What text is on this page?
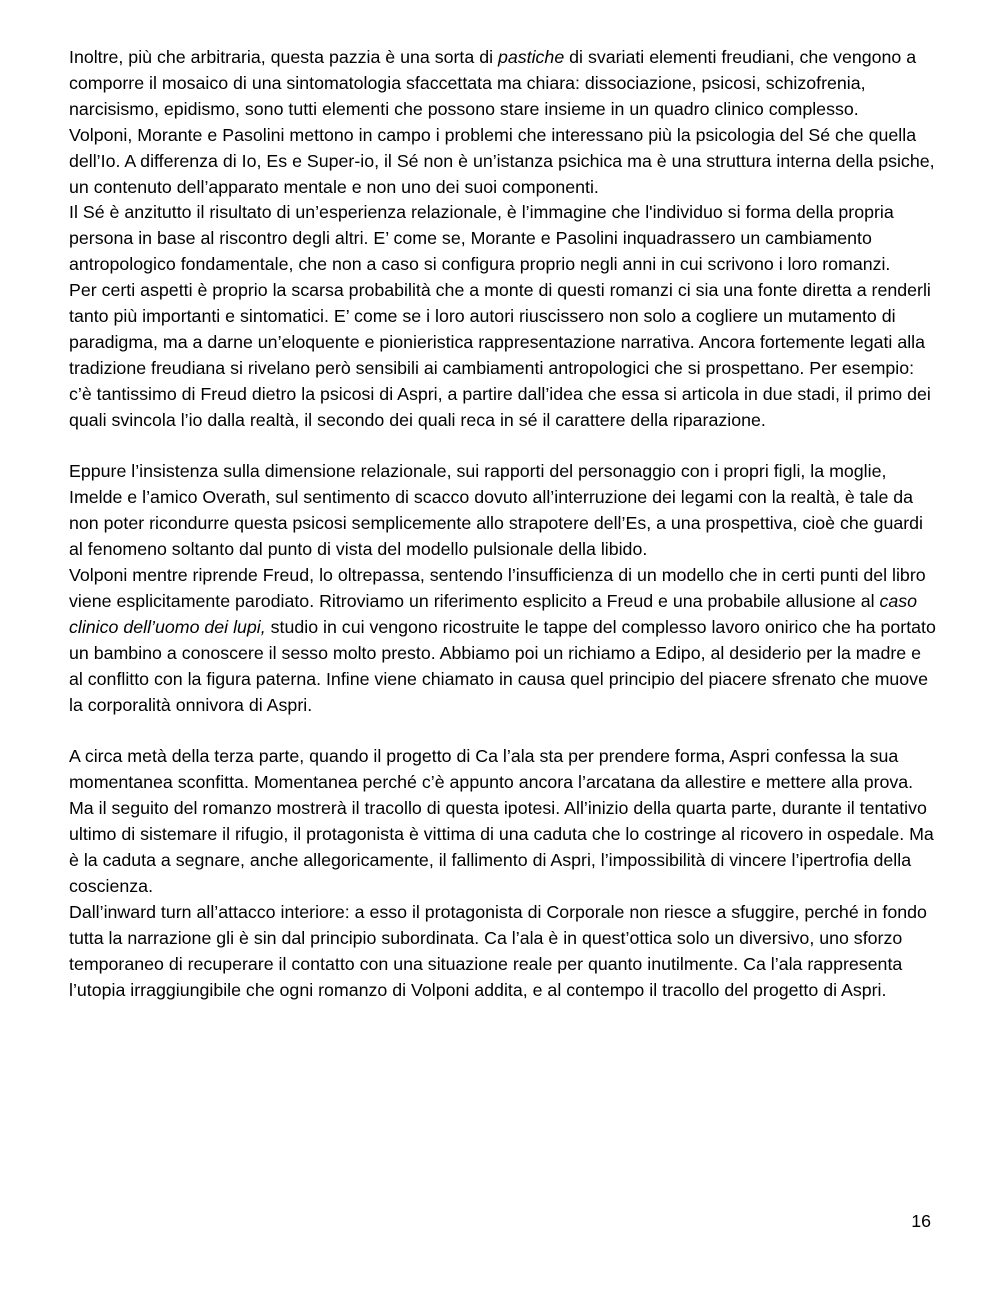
Inoltre, più che arbitraria, questa pazzia è una sorta di pastiche di svariati elementi freudiani, che vengono a comporre il mosaico di una sintomatologia sfaccettata ma chiara: dissociazione, psicosi, schizofrenia, narcisismo, epidismo, sono tutti elementi che possono stare insieme in un quadro clinico complesso.

Volponi, Morante e Pasolini mettono in campo i problemi che interessano più la psicologia del Sé che quella dell’Io. A differenza di Io, Es e Super-io, il Sé non è un’istanza psichica ma è una struttura interna della psiche, un contenuto dell’apparato mentale e non uno dei suoi componenti.

Il Sé è anzitutto il risultato di un’esperienza relazionale, è l’immagine che l'individuo si forma della propria persona in base al riscontro degli altri. E’ come se, Morante e Pasolini inquadrassero un cambiamento antropologico fondamentale, che non a caso si configura proprio negli anni in cui scrivono i loro romanzi.

Per certi aspetti è proprio la scarsa probabilità che a monte di questi romanzi ci sia una fonte diretta a renderli tanto più importanti e sintomatici. E’ come se i loro autori riuscissero non solo a cogliere un mutamento di paradigma, ma a darne un’eloquente e pionieristica rappresentazione narrativa. Ancora fortemente legati alla tradizione freudiana si rivelano però sensibili ai cambiamenti antropologici che si prospettano. Per esempio: c’è tantissimo di Freud dietro la psicosi di Aspri, a partire dall’idea che essa si articola in due stadi, il primo dei quali svincola l’io dalla realtà, il secondo dei quali reca in sé il carattere della riparazione.

Eppure l’insistenza sulla dimensione relazionale, sui rapporti del personaggio con i propri figli, la moglie, Imelde e l’amico Overath, sul sentimento di scacco dovuto all’interruzione dei legami con la realtà, è tale da non poter ricondurre questa psicosi semplicemente allo strapotere dell’Es, a una prospettiva, cioè che guardi al fenomeno soltanto dal punto di vista del modello pulsionale della libido.

Volponi mentre riprende Freud, lo oltrepassa, sentendo l’insufficienza di un modello che in certi punti del libro viene esplicitamente parodiato. Ritroviamo un riferimento esplicito a Freud e una probabile allusione al caso clinico dell’uomo dei lupi, studio in cui vengono ricostruite le tappe del complesso lavoro onirico che ha portato un bambino a conoscere il sesso molto presto. Abbiamo poi un richiamo a Edipo, al desiderio per la madre e al conflitto con la figura paterna. Infine viene chiamato in causa quel principio del piacere sfrenato che muove la corporalità onnivora di Aspri.

A circa metà della terza parte, quando il progetto di Ca l’ala sta per prendere forma, Aspri confessa la sua momentanea sconfitta. Momentanea perché c’è appunto ancora l’arcatana da allestire e mettere alla prova. Ma il seguito del romanzo mostrerà il tracollo di questa ipotesi. All’inizio della quarta parte, durante il tentativo ultimo di sistemare il rifugio, il protagonista è vittima di una caduta che lo costringe al ricovero in ospedale. Ma è la caduta a segnare, anche allegoricamente, il fallimento di Aspri, l’impossibilità di vincere l’ipertrofia della coscienza.

Dall’inward turn all’attacco interiore: a esso il protagonista di Corporale non riesce a sfuggire, perché in fondo tutta la narrazione gli è sin dal principio subordinata. Ca l’ala è in quest’ottica solo un diversivo, uno sforzo temporaneo di recuperare il contatto con una situazione reale per quanto inutilmente. Ca l’ala rappresenta l’utopia irraggiungibile che ogni romanzo di Volponi addita, e al contempo il tracollo del progetto di Aspri.

16
